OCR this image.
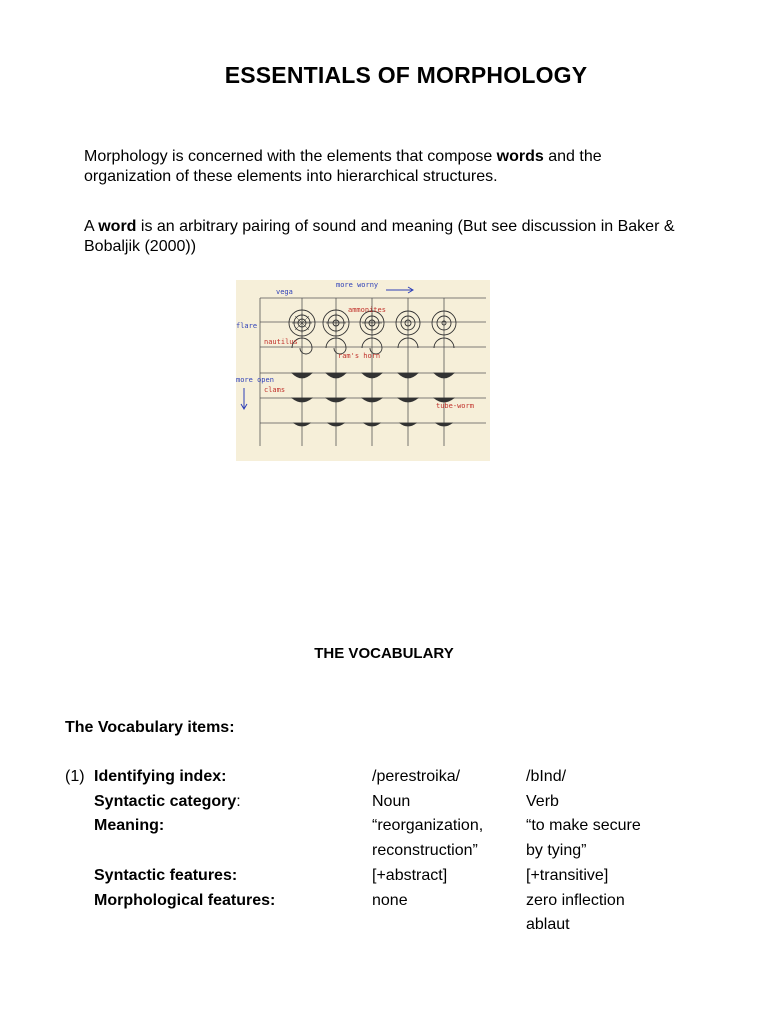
ESSENTIALS OF MORPHOLOGY
Morphology is concerned with the elements that compose words and the organization of these elements into hierarchical structures.
A word is an arbitrary pairing of sound and meaning (But see discussion in Baker & Bobaljik (2000))
more worny
vega
flare
more open
ammonites
nautilus
ram's horn
clams
tube-worm
THE VOCABULARY
The Vocabulary items:
(1) Identifying index:	/perestroika/	/bInd/
Syntactic category:	Noun	Verb
Meaning:	“reorganization,	“to make secure
reconstruction”	by tying”
Syntactic features:	[+abstract]	[+transitive]
Morphological features:	none	zero inflection
ablaut
